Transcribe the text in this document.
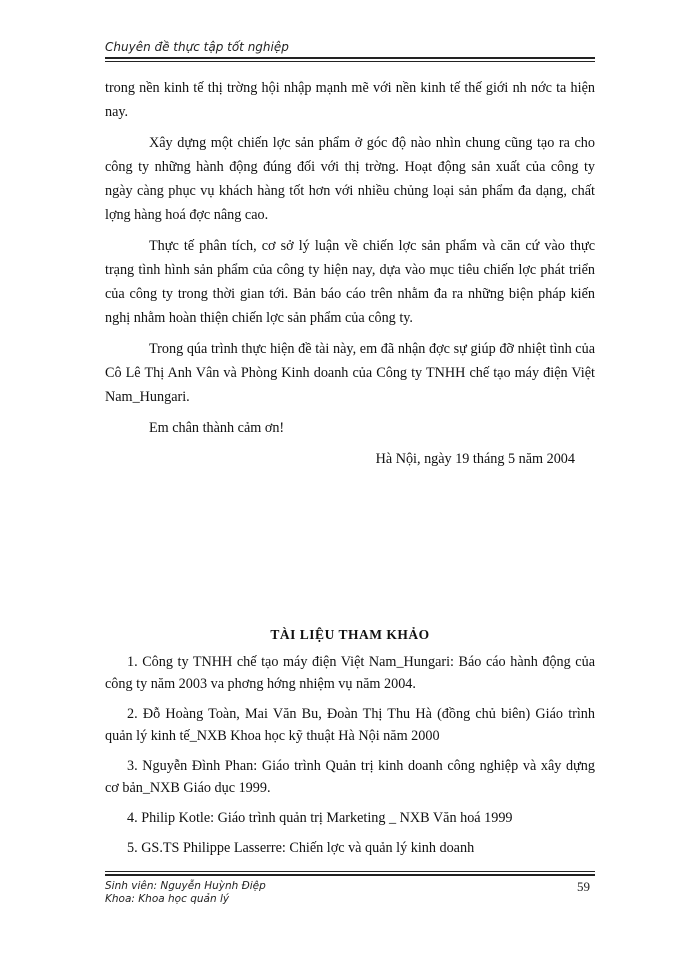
Chuyên đề thực tập tốt nghiệp

trong nền kinh tế thị trờng hội nhập mạnh mẽ với nền kinh tế thế giới nh nớc ta hiện nay.

Xây dựng một chiến lợc sản phẩm ở góc độ nào nhìn chung cũng tạo ra cho công ty những hành động đúng đối với thị trờng. Hoạt động sản xuất của công ty ngày càng phục vụ khách hàng tốt hơn với nhiều chủng loại sản phẩm đa dạng, chất lợng hàng hoá đợc nâng cao.

Thực tế phân tích, cơ sở lý luận về chiến lợc sản phẩm và căn cứ vào thực trạng tình hình sản phẩm của công ty hiện nay, dựa vào mục tiêu chiến lợc phát triển của công ty trong thời gian tới. Bản báo cáo trên nhằm đa ra những biện pháp kiến nghị nhằm hoàn thiện chiến lợc sản phẩm của công ty.

Trong qúa trình thực hiện đề tài này, em đã nhận đợc sự giúp đỡ nhiệt tình của Cô Lê Thị Anh Vân và Phòng Kinh doanh của Công ty TNHH chế tạo máy điện Việt Nam_Hungari.

Em chân thành cảm ơn!

Hà Nội, ngày 19 tháng 5 năm 2004
TÀI LIỆU THAM KHẢO
1. Công ty TNHH chế tạo máy điện Việt Nam_Hungari: Báo cáo hành động của công ty năm 2003 va phơng hớng nhiệm vụ năm 2004.
2. Đỗ Hoàng Toàn, Mai Văn Bu, Đoàn Thị Thu Hà (đồng chủ biên) Giáo trình quản lý kinh tế_NXB Khoa học kỹ thuật Hà Nội năm 2000
3. Nguyễn Đình Phan: Giáo trình Quản trị kinh doanh công nghiệp và xây dựng cơ bản_NXB Giáo dục 1999.
4. Philip Kotle: Giáo trình quản trị Marketing _ NXB Văn hoá 1999
5. GS.TS Philippe Lasserre: Chiến lợc và quản lý kinh doanh
Sinh viên: Nguyễn Huỳnh Điệp
Khoa: Khoa học quản lý
59
